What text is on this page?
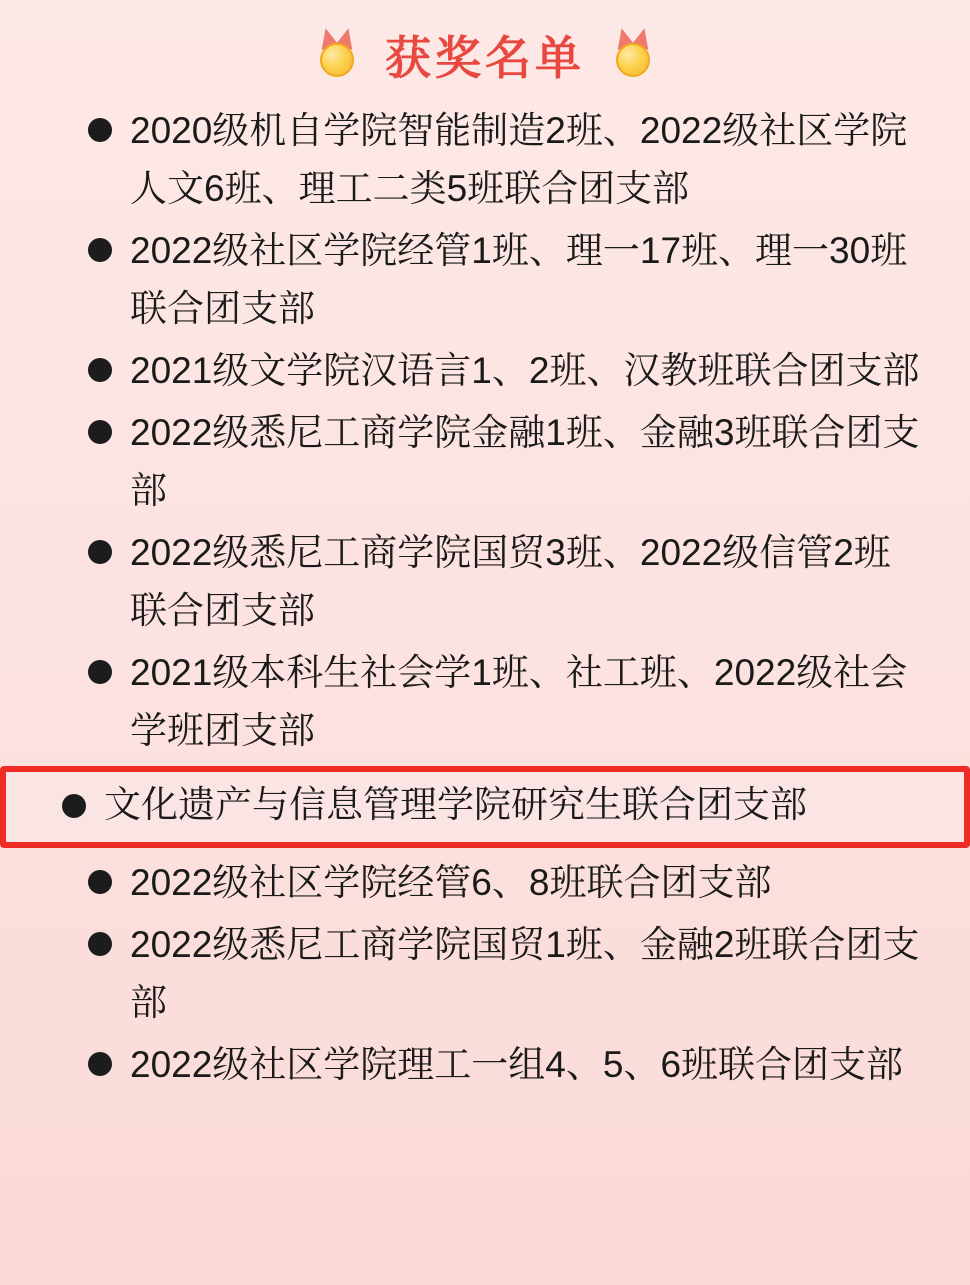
获奖名单
2020级机自学院智能制造2班、2022级社区学院人文6班、理工二类5班联合团支部
2022级社区学院经管1班、理一17班、理一30班联合团支部
2021级文学院汉语言1、2班、汉教班联合团支部
2022级悉尼工商学院金融1班、金融3班联合团支部
2022级悉尼工商学院国贸3班、2022级信管2班联合团支部
2021级本科生社会学1班、社工班、2022级社会学班团支部
文化遗产与信息管理学院研究生联合团支部
2022级社区学院经管6、8班联合团支部
2022级悉尼工商学院国贸1班、金融2班联合团支部
2022级社区学院理工一组4、5、6班联合团支部
